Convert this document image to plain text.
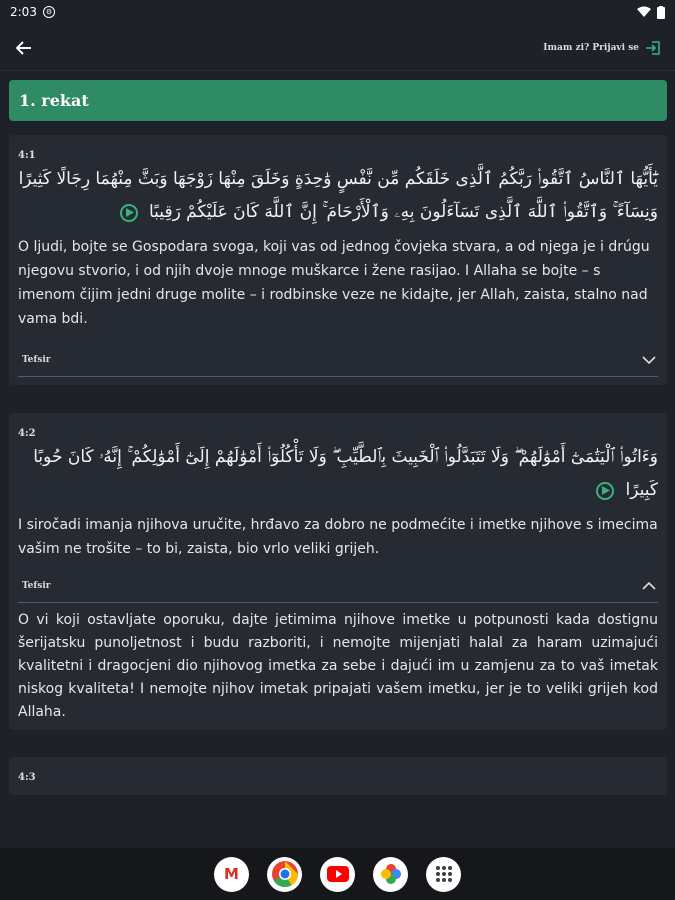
2:03	⚙
Imam zi? Prijavi se
1. rekat
4:1
يَٰٓأَيُّهَا ٱلنَّاسُ ٱتَّقُوا۟ رَبَّكُمُ ٱلَّذِى خَلَقَكُم مِّن نَّفْسٍ وَٰحِدَةٍ وَخَلَقَ مِنْهَا زَوْجَهَا وَبَثَّ مِنْهُمَا رِجَالًا كَثِيرًا وَنِسَآءً ۚ وَٱتَّقُوا۟ ٱللَّهَ ٱلَّذِى تَسَآءَلُونَ بِهِۦ وَٱلْأَرْحَامَ ۚ إِنَّ ٱللَّهَ كَانَ عَلَيْكُمْ رَقِيبًا
O ljudi, bojte se Gospodara svoga, koji vas od jednog čovjeka stvara, a od njega je i drúgu njegovu stvorio, i od njih dvoje mnoge muškarce i žene rasijao. I Allaha se bojte – s imenom čijim jedni druge molite – i rodbinske veze ne kidajte, jer Allah, zaista, stalno nad vama bdi.
Tefsir
4:2
وَءَاتُوا۟ ٱلْيَتَٰمَىٰٓ أَمْوَٰلَهُمْ ۖ وَلَا تَتَبَدَّلُوا۟ ٱلْخَبِيثَ بِٱلطَّيِّبِ ۖ وَلَا تَأْكُلُوٓا۟ أَمْوَٰلَهُمْ إِلَىٰٓ أَمْوَٰلِكُمْ ۚ إِنَّهُۥ كَانَ حُوبًا كَبِيرًا
I siročadi imanja njihova uručite, hrđavo za dobro ne podmećite i imetke njihove s imecima vašim ne trošite – to bi, zaista, bio vrlo veliki grijeh.
Tefsir
O vi koji ostavljate oporuku, dajte jetimima njihove imetke u potpunosti kada dostignu šerijatsku punoljetnost i budu razboriti, i nemojte mijenjati halal za haram uzimajući kvalitetni i dragocjeni dio njihovog imetka za sebe i dajući im u zamjenu za to vaš imetak niskog kvaliteta! I nemojte njihov imetak pripajati vašem imetku, jer je to veliki grijeh kod Allaha.
4:3
M
